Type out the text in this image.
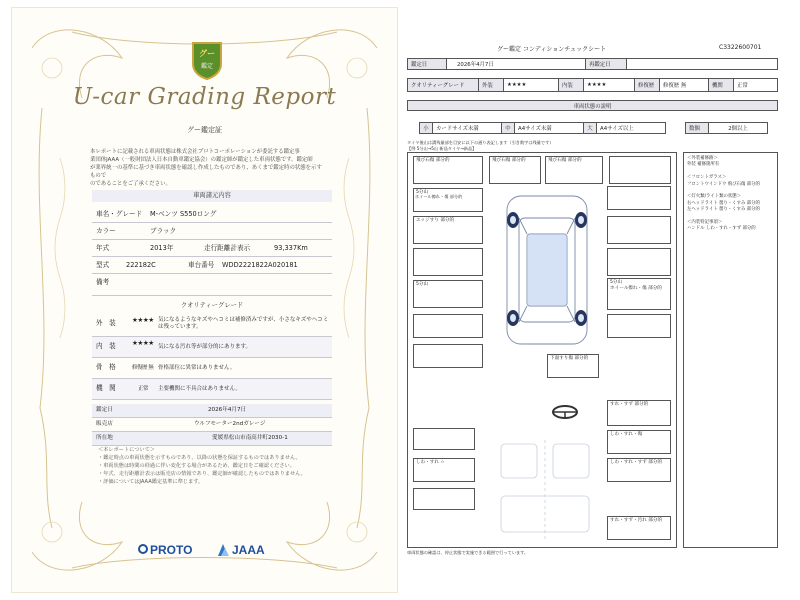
グー
鑑定
U-car Grading Report
グー鑑定証
本レポートに記載される車両状態は株式会社プロトコーポレーションが委託する鑑定事
業団体JAAA（一般財団法人日本自動車鑑定協会）の鑑定師が鑑定した車両状態です。鑑定師
が業界統一の基準に基づき車両状態を確認し作成したものであり、あくまで鑑定時の状態を示すもので
のであることをご了承ください。
車両諸元内容
車名・グレード M-ベンツ S550ロング
カラー	ブラック
年式	2013年	走行距離計表示	93,337Km
型式	222182C	車台番号 WDD2221822A020181
備考
クオリティーグレード
外　装 ★★★★ 気になるようなキズやヘコミは補修済みですが、小さなキズやヘコミは残っています。
内　装 ★★★★ 気になる汚れ等が部分的にあります。
骨　格	修復歴 無 骨格部位に異常はありません。
機　関	正常 主要機関に不具合はありません。
鑑定日	2026年4月7日
販売店	ウルフモーター2ndガレージ
所在地	愛媛県松山市南高井町2030-1
＜本レポートについて＞
・鑑定時点の車両状態を示すものであり、以降の状態を保証するものではありません。
・車両状態は時間の経過に伴い変化する場合があるため、鑑定日をご確認ください。
・年式、走行距離計表示は販売店の情報であり、鑑定師が確認したものではありません。
・評価についてはJAAA鑑定基準に準じます。
PROTO	JAAA
グー鑑定 コンディションチェックシート	C3322600701
鑑定日	2026年4月7日	再鑑定日
クオリティーグレード	外装	★★★★	内装	★★★★	修復歴	修復歴 無	機関	正常
車両状態の説明
小	カードサイズ未満	中	A4サイズ未満	大	A4サイズ以上	数個	2個以上
タイヤ後山は溝残量部を目安に以下の通り表記します（引き数字は残量です）
【例 5分山→5山 新品タイヤ→新品】
飛び石傷 部分的	飛び石傷 部分的	飛び石傷 部分的
5分山
ホイール擦れ・傷 部分的
エッジすり 部分的
5分山	5分山
ホイール擦れ・傷 部分的
下面すり傷 部分的
しわ・すれ ☆
すれ・すず 部分的
しわ・すれ・傷
しわ・すれ・すず 部分的
すれ・すず・汚れ 部分的
＜外装補修跡＞
外装 補修箇所有

＜フロントガラス＞
フロントウインドウ 飛び石傷 部分的

＜灯火類/ライト類の状態＞
右ヘッドライト 曇り・くすみ 部分的
左ヘッドライト 曇り・くすみ 部分的

＜内装特記事項＞
ハンドル しわ・すれ・すず 部分的
車両状態の確認は、停止状態で実施できる範囲で行っています。
